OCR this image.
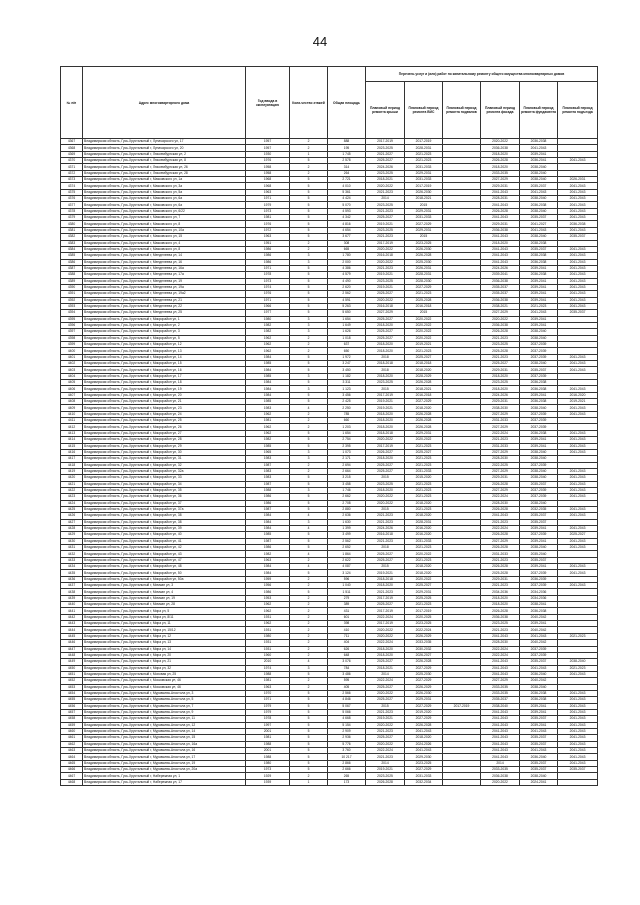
44
№ п/п	Адрес многоквартирного дома	Год ввода в эксплуатацию	Коли-чество этажей	Общая площадь	Перечень услуг и (или) работ по капитальному ремонту общего имущества многоквартирных домов					
					Плановый период ремонта крыши	Плановый период ремонта ВИС	Плановый период ремонта подвалов	Плановый период ремонта фасада	Плановый период ремонта фундамента	Плановый период ремонта подъезда
4367	Владимирская область, Гусь-Хрустальный г, Луначарского ул, 17	1957	2	888	2017-2019	2017-2019		2020-2022	2036-2038	
4368	Владимирская область, Гусь-Хрустальный г, Луначарского ул, 20	1957	2	195	2023-2025	2028-2031		2036-2038	2041-2043	
4369	Владимирская область, Гусь-Хрустальный г, Люксембургская ул, 2	1930	1	1 745	2021-2027	2021-2023		2018-2020	2039-2041	
4370	Владимирская область, Гусь-Хрустальный г, Люксембургская ул, 8	1976	5	2 578	2025-2027	2021-2023		2026-2028	2036-2041	2041-2043
4371	Владимирская область, Гусь-Хрустальный г, Люксембургская ул, 26	1958	2	314	2024-2026	2031-2033		2018-2020	2038-2040	
4372	Владимирская область, Гусь-Хрустальный г, Люксембургская ул, 28	1958	2	264	2023-2025	2029-2031		2033-2035	2038-2040	
4373	Владимирская область, Гусь-Хрустальный г, Маяковского ул, 1а	1968	5	2 721	2018-2021	2031-2033		2027-2029	2038-2040	2026-2031
4374	Владимирская область, Гусь-Хрустальный г, Маяковского ул, 3а	1968	5	4 010	2020-2022	2017-2019		2029-2031	2035-2037	2041-2043
4375	Владимирская область, Гусь-Хрустальный г, Маяковского ул, 5а	1963	5	5 361	2021-2023	2026-2030		2041-2043	2041-2043	2041-2043
4376	Владимирская область, Гусь-Хрустальный г, Маяковского ул, 6а	1971	5	4 424	2014	2018-2021		2028-2031	2038-2040	2041-2043
4377	Владимирская область, Гусь-Хрустальный г, Маяковского ул, 6а	1979	5	5 070	2023-2025	2015		2041-2043	2036-2038	2041-2043
4378	Владимирская область, Гусь-Хрустальный г, Маяковского ул, 6/22	1973	5	4 593	2021-2023	2029-2031		2026-2028	2038-2040	2041-2043
4379	Владимирская область, Гусь-Хрустальный г, Маяковского ул, 7	1981	5	4 342	2025-2027	2031-2033		2041-2043	2035-2037	2041-2043
4380	Владимирская область, Гусь-Хрустальный г, Маяковского ул, 8	1976	5	4 816	2019-2021	2027-2029		2029-2031	2041-2027	2036-2038
4381	Владимирская область, Гусь-Хрустальный г, Маяковского ул, 10а	1972	5	4 654	2023-2025	2029-2031		2036-2038	2041-2043	2041-2043
4382	Владимирская область, Гусь-Хрустальный г, Маяковского ул, 15	1963	5	3 677	2021-2023	2015		2041-2043	2038-2040	2035-2037
4383	Владимирская область, Гусь-Хрустальный г, Маяковского ул, 4	1951	2	308	2017-2019	2023-2025		2018-2020	2038-2038	
4384	Владимирская область, Гусь-Хрустальный г, Маяковского ул, 8	1986	2	665	2020-2022	2026-2030		2041-2043	2035-2037	2041-2043
4385	Владимирская область, Гусь-Хрустальный г, Менделеева ул, 14	1986	3	1 780	2016-2018	2026-2028		2041-2043	2038-2038	2041-2043
4386	Владимирская область, Гусь-Хрустальный г, Менделеева ул, 16	1986	3	2 000	2020-2022	2025-2030		2041-2043	2036-2038	2041-2043
4387	Владимирская область, Гусь-Хрустальный г, Менделеева ул, 16а	1971	5	4 386	2021-2023	2026-2031		2024-2026	2039-2041	2041-2043
4388	Владимирская область, Гусь-Хрустальный г, Менделеева ул, 17а	1978	5	4 579	2019-2021	2028-2031		2039-2041	2036-2038	2041-2043
4389	Владимирская область, Гусь-Хрустальный г, Менделеева ул, 19	1973	5	4 490	2023-2025	2028-2030		2036-2038	2039-2041	2041-2043
4390	Владимирская область, Гусь-Хрустальный г, Менделеева ул, 19а	1974	5	2 620	2019-2021	2027-2029		2035-2037	2039-2041	2041-2043
4391	Владимирская область, Гусь-Хрустальный г, Менделеева ул, 19а2	1976	5	2 562	2025-2027	2021-2023		2035-2037	2039-2041	2041-2043
4392	Владимирская область, Гусь-Хрустальный г, Менделеева ул, 21	1971	5	4 591	2020-2022	2025-2028		2036-2038	2039-2041	2041-2043
4393	Владимирская область, Гусь-Хрустальный г, Менделеева ул, 22	1966	5	5 263	2016-2018	2016-2018		2038-2021	2021-2023	2041-2043
4394	Владимирская область, Гусь-Хрустальный г, Менделеева ул, 25	1977	5	5 650	2027-2029	2015		2027-2029	2041-2043	2035-2037
4395	Владимирская область, Гусь-Хрустальный г, Микрорайон ул, 1	1980	3	1 654	2025-2027	2020-2022		2020-2022	2039-2041	
4396	Владимирская область, Гусь-Хрустальный г, Микрорайон ул, 2	1982	3	1 649	2018-2020	2020-2022		2036-2038	2039-2041	
4397	Владимирская область, Гусь-Хрустальный г, Микрорайон ул, 3	1982	3	1 626	2025-2027	2020-2022		2026-2028	2038-2040	
4398	Владимирская область, Гусь-Хрустальный г, Микрорайон ул, 5	1962	2	1 018	2025-2027	2020-2022		2021-2023	2038-2040	
4399	Владимирская область, Гусь-Хрустальный г, Микрорайон ул, 12	1962	2	637	2018-2020	2019-2021		2023-2025	2037-2039	
4400	Владимирская область, Гусь-Хрустальный г, Микрорайон ул, 13	1962	2	650	2018-2020	2021-2023		2025-2028	2037-2039	
4401	Владимирская область, Гусь-Хрустальный г, Микрорайон ул, 14	1984	5	1 972	2018	2025-2027		2021-2023	2037-2039	2041-2043
4402	Владимирская область, Гусь-Хрустальный г, Микрорайон ул, 15	1985	5	3 247	2018-2018	2018-2018		2025-2027	2038-2040	2041-2043
4403	Владимирская область, Гусь-Хрустальный г, Микрорайон ул, 16	1984	5	3 450	2018	2018-2020		2029-2031	2035-2037	2041-2043
4404	Владимирская область, Гусь-Хрустальный г, Микрорайон ул, 17	1985	3	1 182	2018-2020	2028-2029		2018-2020	2037-2039	
4405	Владимирская область, Гусь-Хрустальный г, Микрорайон ул, 18	1984	5	3 311	2023-2025	2026-2028		2023-2025	2036-2038	
4406	Владимирская область, Гусь-Хрустальный г, Микрорайон ул, 19	1984	3	1 123	2015	2018-2021		2018-2020	2036-2038	2041-2043
4407	Владимирская область, Гусь-Хрустальный г, Микрорайон ул, 20	1984	5	3 456	2017-2019	2016-2018		2024-2026	2039-2041	2016-2020
4408	Владимирская область, Гусь-Хрустальный г, Микрорайон ул, 21	1985	5	2 425	2019-2021	2027-2029		2029-2031	2036-2038	2019-2021
4409	Владимирская область, Гусь-Хрустальный г, Микрорайон ул, 23	1983	4	2 250	2019-2021	2018-2020		2038-2030	2038-2040	2041-2043
4410	Владимирская область, Гусь-Хрустальный г, Микрорайон ул, 24	1962	2	785	2018-2020	2026-2028		2027-2029	2037-2039	2041-2043
4411	Владимирская область, Гусь-Хрустальный г, Микрорайон ул, 25	1981	2	660	2018-2020	2026-2028		2031-2033	2037-2039	
4412	Владимирская область, Гусь-Хрустальный г, Микрорайон ул, 26	1962	2	1 203	2018-2020	2026-2028		2027-2029	2037-2039	
4413	Владимирская область, Гусь-Хрустальный г, Микрорайон ул, 27	1962	5	1 654	2018-2018	2029-2031		2022-2024	2036-2038	2041-2043
4414	Владимирская область, Гусь-Хрустальный г, Микрорайон ул, 28	1982	5	2 754	2020-2022	2020-2022		2021-2023	2039-2041	2041-2043
4415	Владимирская область, Гусь-Хрустальный г, Микрорайон ул, 29	1985	5	2 395	2017-2019	2021-2023		2031-2033	2039-2041	2041-2043
4416	Владимирская область, Гусь-Хрустальный г, Микрорайон ул, 30	1965	3	1 073	2026-2027	2025-2027		2027-2029	2038-2040	2041-2043
4417	Владимирская область, Гусь-Хрустальный г, Микрорайон ул, 31	1983	3	2 171	2018-2020	2021-2023		2028-2030	2038-2040	
4418	Владимирская область, Гусь-Хрустальный г, Микрорайон ул, 32	1987	2	2 694	2025-2027	2021-2023		2022-2025	2037-2039	
4419	Владимирская область, Гусь-Хрустальный г, Микрорайон ул, 32а	1983	2	2 664	2025-2027	2031-2033		2027-2029	2038-2040	2041-2043
4420	Владимирская область, Гусь-Хрустальный г, Микрорайон ул, 33	1983	5	3 215	2015	2015-2020		2029-2031	2038-2040	2041-2043
4421	Владимирская область, Гусь-Хрустальный г, Микрорайон ул, 34	1987	5	3 458	2023-2025	2021-2023		2026-2028	2035-2037	2041-2043
4422	Владимирская область, Гусь-Хрустальный г, Микрорайон ул, 35	1988	3	1 746	2018-2020	2021-2023		2027-2029	2037-2039	2041-2043
4423	Владимирская область, Гусь-Хрустальный г, Микрорайон ул, 36	1986	5	2 662	2020-2022	2021-2023		2022-2024	2037-2039	2041-2043
4424	Владимирская область, Гусь-Хрустальный г, Микрорайон ул, 37	1986	5	2 708	2020-2022	2018-2020		2028-2030	2038-2040	
4425	Владимирская область, Гусь-Хрустальный г, Микрорайон ул, 37а	1987	5	2 880	2015	2021-2023		2026-2028	2032-2035	2041-2043
4426	Владимирская область, Гусь-Хрустальный г, Микрорайон ул, 38	1984	4	2 636	2021-2023	2018-2020		2041-2043	2035-2037	2041-2043
4427	Владимирская область, Гусь-Хрустальный г, Микрорайон ул, 38	1984	3	1 630	2021-2023	2028-2031		2021-2023	2035-2037	
4428	Владимирская область, Гусь-Хрустальный г, Микрорайон ул, 39	1984	4	1 399	2024-2026	2016-2020		2022-2024	2039-2041	2041-2043
4429	Владимирская область, Гусь-Хрустальный г, Микрорайон ул, 40	1985	5	3 499	2016-2018	2016-2020		2026-2028	2037-2039	2025-2027
4430	Владимирская область, Гусь-Хрустальный г, Микрорайон ул, 41	1987	5	2 562	2021-2023	2031-2033		2027-2029	2039-2041	2041-2043
4431	Владимирская область, Гусь-Хрустальный г, Микрорайон ул, 42	1986	5	2 652	2018	2021-2023		2026-2028	2038-2040	2041-2043
4432	Владимирская область, Гусь-Хрустальный г, Микрорайон ул, 43	1982	4	1 864	2025-2027	2020-2022		2031-2033	2035-2040	
4433	Владимирская область, Гусь-Хрустальный г, Микрорайон ул, 47	1963	2	2 622	2025-2027	2021-2023		2021-2023	2035-2037	
4434	Владимирская область, Гусь-Хрустальный г, Микрорайон ул, 48	1984	4	4 087	2015	2018-2020		2026-2028	2039-2041	2041-2043
4435	Владимирская область, Гусь-Хрустальный г, Микрорайон ул, 50	1984	5	3 124	2019-2021	2018-2020		2025-2028	2037-2039	2041-2043
4436	Владимирская область, Гусь-Хрустальный г, Микрорайон ул, 50а	1959	2	596	2018-2018	2020-2022		2029-2031	2036-2039	
4437	Владимирская область, Гусь-Хрустальный г, Мичман ул, 3	1956	2	1 040	2018-2020	2025-2027		2021-2023	2037-2039	2041-2043
4438	Владимирская область, Гусь-Хрустальный г, Мичман ул, 4	1986	5	1 511	2021-2023	2029-2031		2034-2036	2034-2036	
4439	Владимирская область, Гусь-Хрустальный г, Мичман ул, 19	1953	2	279	2017-2019	2025-2025		2018-2020	2034-2036	
4440	Владимирская область, Гусь-Хрустальный г, Мичман ул, 28	1962	2	389	2025-2027	2021-2023		2018-2020	2038-2041	
4441	Владимирская область, Гусь-Хрустальный г, Мира ул, 5	1962	2	431	2017-2019	2017-2019		2026-2028	2036-2038	
4442	Владимирская область, Гусь-Хрустальный г, Мира ул, 8/11	1931	2	601	2022-2024	2020-2025		2036-2038	2040-2042	
4443	Владимирская область, Гусь-Хрустальный г, Мира ул, 11	1962	2	398	2017-2019	2023-2025		2023-2025	2039-2041	
4444	Владимирская область, Гусь-Хрустальный г, Мира ул, 15/12	1931	2	410	2020-2022	2022-2024		2021-2023	2040-2042	
4445	Владимирская область, Гусь-Хрустальный г, Мира ул, 12	1980	2	711	2020-2022	2026-2029		2041-2043	2041-2043	2021-2023
4446	Владимирская область, Гусь-Хрустальный г, Мира ул, 13	1931	2	404	2022-2024	2033-2035		2028-2030	2040-2042	
4447	Владимирская область, Гусь-Хрустальный г, Мира ул, 14	1931	2	626	2018-2020	2030-2032		2022-2024	2037-2039	
4448	Владимирская область, Гусь-Хрустальный г, Мира ул, 20	1960	2	648	2018-2020	2026-2027		2022-2024	2037-2039	
4449	Владимирская область, Гусь-Хрустальный г, Мира ул, 21	2010	4	3 076	2025-2027	2026-2028		2041-2043	2035-2037	2038-2040
4450	Владимирская область, Гусь-Хрустальный г, Мира ул, 32	1974	3	784	2018-2021	2027-2029		2041-2043	2041-2043	2021-2023
4451	Владимирская область, Гусь-Хрустальный г, Моховая ул, 25	1988	5	3 486	2014	2025-2030		2041-2043	2036-2040	2041-2043
4452	Владимирская область, Гусь-Хрустальный г, Московская ул, 46	1981	2	595	2022-2024	2027-2029		2027-2029	2040-2042	
4453	Владимирская область, Гусь-Хрустальный г, Московская ул, 46	1963	2	405	2025-2027	2026-2029		2033-2035	2038-2040	
4454	Владимирская область, Гусь-Хрустальный г, Муравьева-Апостола ул, 3	1970	5	2 566	2020-2022	2026-2030		2033-2035	2036-2038	2041-2043
4455	Владимирская область, Гусь-Хрустальный г, Муравьева-Апостола ул, 5	1971	5	4 846	2025-2027	2029-2031		2035-2037	2036-2038	2041-2043
4456	Владимирская область, Гусь-Хрустальный г, Муравьева-Апостола ул, 7	1979	5	5 067	2015	2027-2029	2017-2019	2038-2040	2039-2041	2041-2043
4457	Владимирская область, Гусь-Хрустальный г, Муравьева-Апостола ул, 9	1979	5	5 066	2021-2023	2019-2020		2041-2043	2039-2041	2041-2043
4458	Владимирская область, Гусь-Хрустальный г, Муравьева-Апостола ул, 11	1978	5	4 668	2019-2021	2027-2029		2041-2043	2035-2037	2041-2043
4459	Владимирская область, Гусь-Хрустальный г, Муравьева-Апостола ул, 12	1997	5	5 154	2020-2022	2026-2028		2041-2043	2039-2041	2041-2043
4460	Владимирская область, Гусь-Хрустальный г, Муравьева-Апостола ул, 14	2001	5	2 909	2021-2023	2041-2043		2041-2043	2041-2043	2041-2043
4461	Владимирская область, Гусь-Хрустальный г, Муравьева-Апостола ул, 15	1981	5	2 936	2025-2027	2018-2020		2041-2043	2035-2037	2041-2043
4462	Владимирская область, Гусь-Хрустальный г, Муравьева-Апостола ул, 16а	1988	5	5 776	2020-2022	2024-2026		2041-2043	2035-2037	2041-2043
4463	Владимирская область, Гусь-Хрустальный г, Муравьева-Апостола ул, 16	2001	5	3 760	2022-2024	2041-2043		2041-2043	2041-2043	2041-2043
4464	Владимирская область, Гусь-Хрустальный г, Муравьева-Апостола ул, 17	1988	5	10 217	2021-2023	2029-2030		2041-2043	2036-2040	2041-2043
4465	Владимирская область, Гусь-Хрустальный г, Муравьева-Апостола ул, 19	1980	5	2 866	2014	2023-2025		2014	2035-2037	2041-2043
4466	Владимирская область, Гусь-Хрустальный г, Муравьева-Апостола ул, 20а	1973	5	2 666	2019-2021	2027-2029		2033-2035	2035-2037	2035-2037
4467	Владимирская область, Гусь-Хрустальный г, Набережная ул, 1	1929	2	265	2023-2025	2031-2033		2036-2038	2038-2040	
4468	Владимирская область, Гусь-Хрустальный г, Набережная ул, 17	1939	1	173	2026-2028	2032-2034		2020-2022	2024-2041	
